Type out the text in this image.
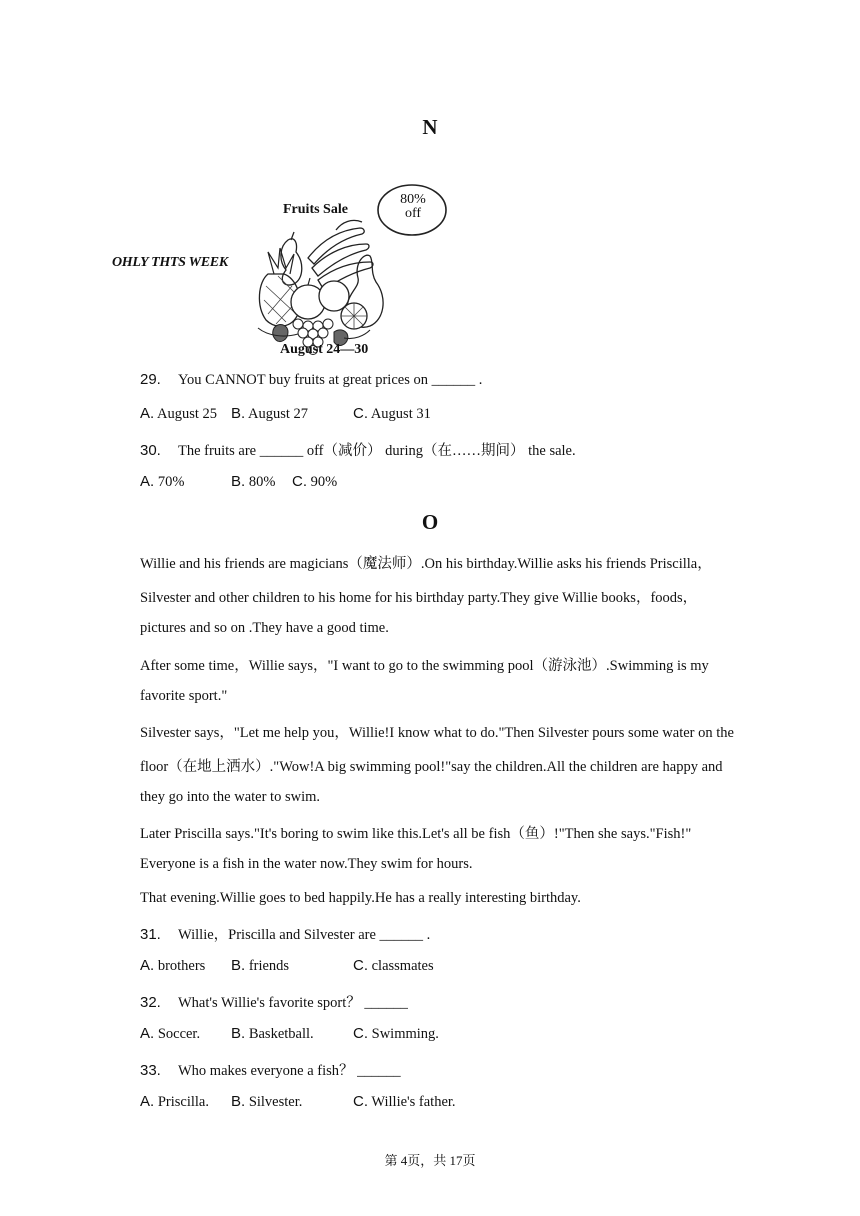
N
Fruits Sale
80%
off
OHLY THTS WEEK
August 24—30
29. You CANNOT buy fruits at great prices on ______ .
A. August 25 B. August 27	C. August 31
30. The fruits are ______ off（减价） during（在……期间） the sale.
A. 70%	B. 80% C. 90%
O
Willie and his friends are magicians（魔法师）.On his birthday.Willie asks his friends Priscilla，
Silvester and other children to his home for his birthday party.They give Willie books，foods，
pictures and so on .They have a good time.
After some time，Willie says，"I want to go to the swimming pool（游泳池）.Swimming is my
favorite sport."
Silvester says，"Let me help you，Willie!I know what to do."Then Silvester pours some water on the
floor（在地上洒水）."Wow!A big swimming pool!"say the children.All the children are happy and
they go into the water to swim.
Later Priscilla says."It's boring to swim like this.Let's all be fish（鱼）!"Then she says."Fish!"
Everyone is a fish in the water now.They swim for hours.
That evening.Willie goes to bed happily.He has a really interesting birthday.
31. Willie，Priscilla and Silvester are ______ .
A. brothers B. friends	C. classmates
32. What's Willie's favorite sport？ ______
A. Soccer. B. Basketball.	C. Swimming.
33. Who makes everyone a fish？ ______
A. Priscilla. B. Silvester.	C. Willie's father.
第 4页，共 17页
